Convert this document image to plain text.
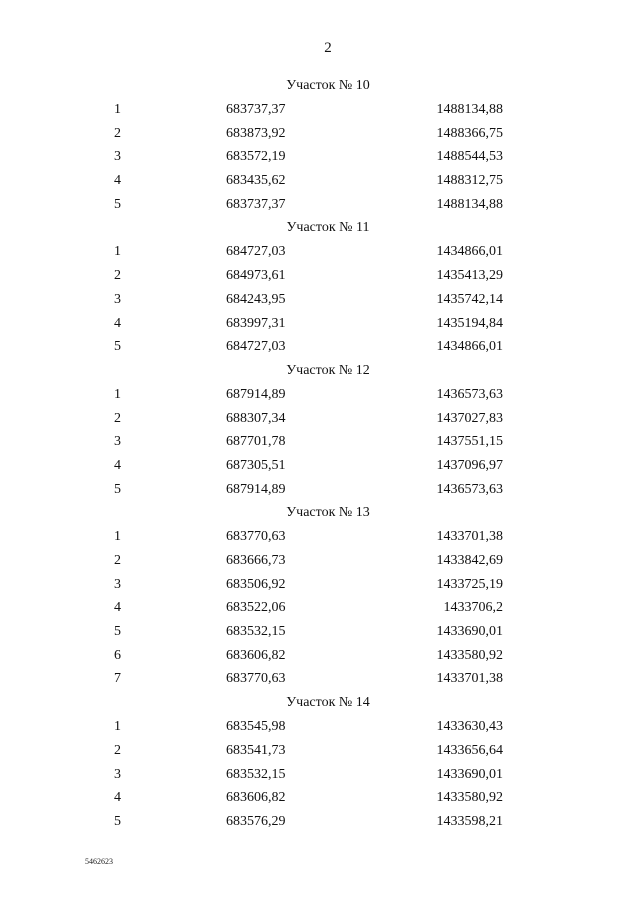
2
Участок № 10
1	683737,37	1488134,88
2	683873,92	1488366,75
3	683572,19	1488544,53
4	683435,62	1488312,75
5	683737,37	1488134,88
Участок № 11
1	684727,03	1434866,01
2	684973,61	1435413,29
3	684243,95	1435742,14
4	683997,31	1435194,84
5	684727,03	1434866,01
Участок № 12
1	687914,89	1436573,63
2	688307,34	1437027,83
3	687701,78	1437551,15
4	687305,51	1437096,97
5	687914,89	1436573,63
Участок № 13
1	683770,63	1433701,38
2	683666,73	1433842,69
3	683506,92	1433725,19
4	683522,06	1433706,2
5	683532,15	1433690,01
6	683606,82	1433580,92
7	683770,63	1433701,38
Участок № 14
1	683545,98	1433630,43
2	683541,73	1433656,64
3	683532,15	1433690,01
4	683606,82	1433580,92
5	683576,29	1433598,21
5462623
